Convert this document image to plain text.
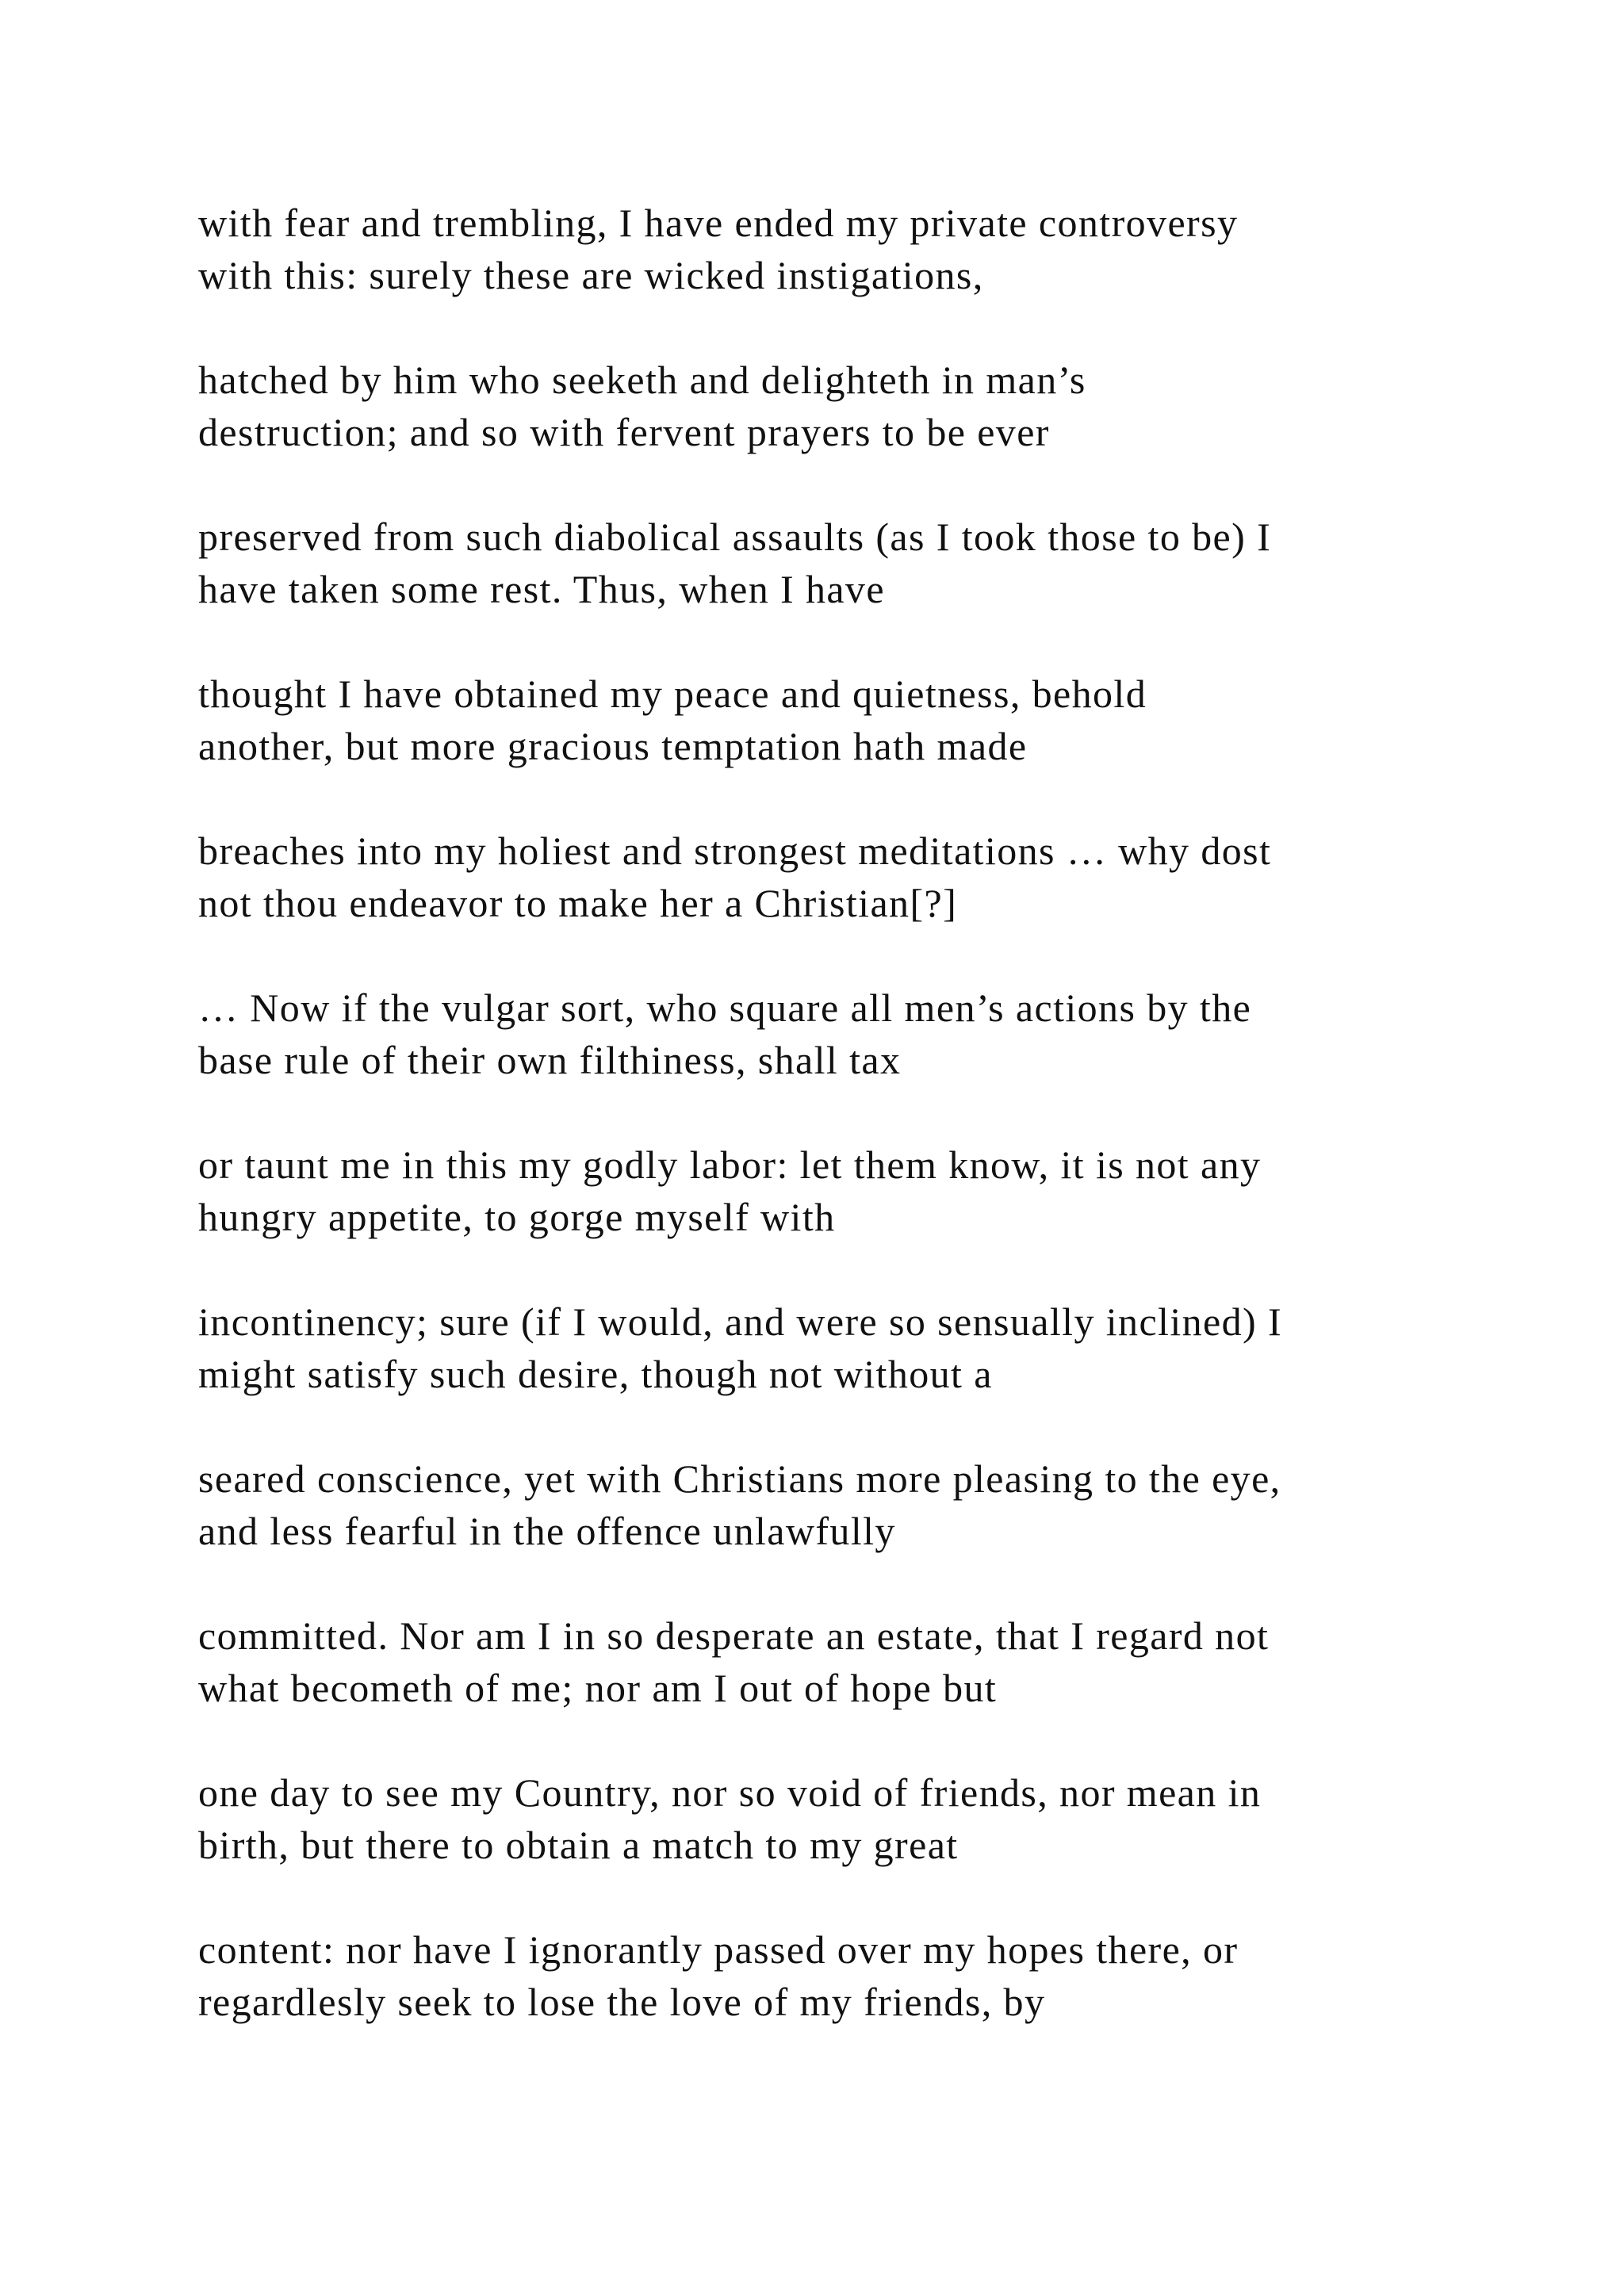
with fear and trembling, I have ended my private controversy
with this: surely these are wicked instigations,

hatched by him who seeketh and delighteth in man’s
destruction; and so with fervent prayers to be ever

preserved from such diabolical assaults (as I took those to be) I
have taken some rest. Thus, when I have

thought I have obtained my peace and quietness, behold
another, but more gracious temptation hath made

breaches into my holiest and strongest meditations … why dost
not thou endeavor to make her a Christian[?]

… Now if the vulgar sort, who square all men’s actions by the
base rule of their own filthiness, shall tax

or taunt me in this my godly labor: let them know, it is not any
hungry appetite, to gorge myself with

incontinency; sure (if I would, and were so sensually inclined) I
might satisfy such desire, though not without a

seared conscience, yet with Christians more pleasing to the eye,
and less fearful in the offence unlawfully

committed. Nor am I in so desperate an estate, that I regard not
what becometh of me; nor am I out of hope but

one day to see my Country, nor so void of friends, nor mean in
birth, but there to obtain a match to my great

content: nor have I ignorantly passed over my hopes there, or
regardlesly seek to lose the love of my friends, by
